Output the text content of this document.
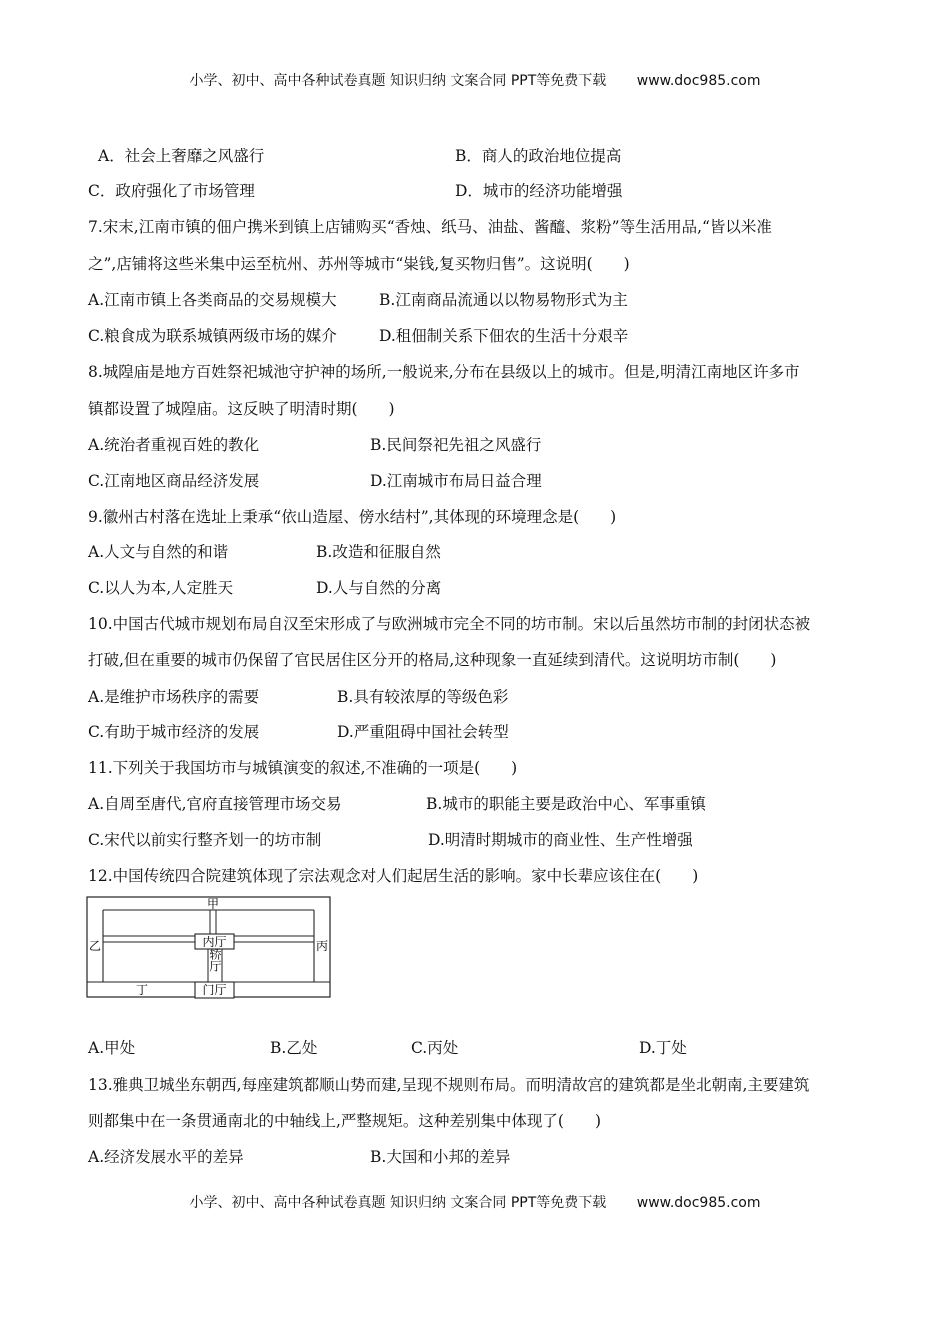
小学、初中、高中各种试卷真题 知识归纳 文案合同 PPT等免费下载 www.doc985.com
A．社会上奢靡之风盛行	B．商人的政治地位提高
C．政府强化了市场管理	D．城市的经济功能增强
7.宋末,江南市镇的佃户携米到镇上店铺购买“香烛、纸马、油盐、酱醯、浆粉”等生活用品,“皆以米准
之”,店铺将这些米集中运至杭州、苏州等城市“粜钱,复买物归售”。这说明(　　)
A.江南市镇上各类商品的交易规模大	B.江南商品流通以以物易物形式为主
C.粮食成为联系城镇两级市场的媒介	D.租佃制关系下佃农的生活十分艰辛
8.城隍庙是地方百姓祭祀城池守护神的场所,一般说来,分布在县级以上的城市。但是,明清江南地区许多市
镇都设置了城隍庙。这反映了明清时期(　　)
A.统治者重视百姓的教化	B.民间祭祀先祖之风盛行
C.江南地区商品经济发展	D.江南城市布局日益合理
9.徽州古村落在选址上秉承“依山造屋、傍水结村”,其体现的环境理念是(　　)
A.人文与自然的和谐	B.改造和征服自然
C.以人为本,人定胜天	D.人与自然的分离
10.中国古代城市规划布局自汉至宋形成了与欧洲城市完全不同的坊市制。宋以后虽然坊市制的封闭状态被
打破,但在重要的城市仍保留了官民居住区分开的格局,这种现象一直延续到清代。这说明坊市制(　　)
A.是维护市场秩序的需要	B.具有较浓厚的等级色彩
C.有助于城市经济的发展	D.严重阻碍中国社会转型
11.下列关于我国坊市与城镇演变的叙述,不准确的一项是(　　)
A.自周至唐代,官府直接管理市场交易	B.城市的职能主要是政治中心、军事重镇
C.宋代以前实行整齐划一的坊市制	D.明清时期城市的商业性、生产性增强
12.中国传统四合院建筑体现了宗法观念对人们起居生活的影响。家中长辈应该住在(　　)
甲
乙	丙
丁
内厅
轿厅
门厅
A.甲处	B.乙处	C.丙处	D.丁处
13.雅典卫城坐东朝西,每座建筑都顺山势而建,呈现不规则布局。而明清故宫的建筑都是坐北朝南,主要建筑
则都集中在一条贯通南北的中轴线上,严整规矩。这种差别集中体现了(　　)
A.经济发展水平的差异	B.大国和小邦的差异
小学、初中、高中各种试卷真题 知识归纳 文案合同 PPT等免费下载 www.doc985.com
